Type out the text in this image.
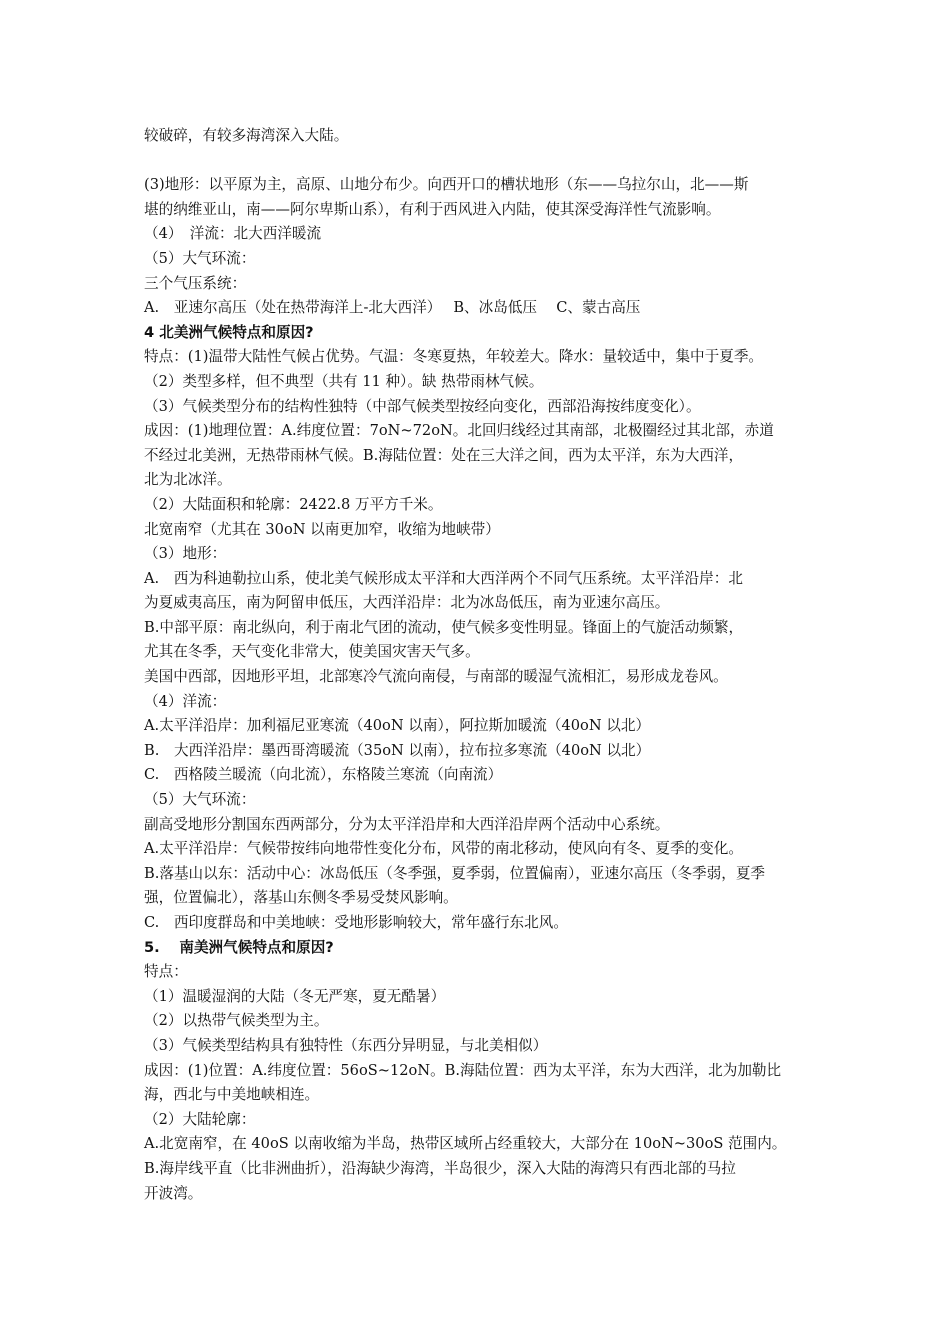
较破碎，有较多海湾深入大陆。
(3)地形：以平原为主，高原、山地分布少。向西开口的槽状地形（东——乌拉尔山，北——斯
堪的纳维亚山，南——阿尔卑斯山系），有利于西风进入内陆，使其深受海洋性气流影响。
（4）　洋流：北大西洋暖流
（5）大气环流：
三个气压系统：
A.　亚速尔高压（处在热带海洋上-北大西洋）　 B、冰岛低压　 C、蒙古高压
4 北美洲气候特点和原因?
特点：(1)温带大陆性气候占优势。气温：冬寒夏热，年较差大。降水：量较适中，集中于夏季。
（2）类型多样，但不典型（共有 11 种）。缺 热带雨林气候。
（3）气候类型分布的结构性独特（中部气候类型按经向变化，西部沿海按纬度变化）。
成因：(1)地理位置：A.纬度位置：7oN~72oN。北回归线经过其南部，北极圈经过其北部，赤道
不经过北美洲，无热带雨林气候。B.海陆位置：处在三大洋之间，西为太平洋，东为大西洋，
北为北冰洋。
（2）大陆面积和轮廓：2422.8 万平方千米。
北宽南窄（尤其在 30oN 以南更加窄，收缩为地峡带）
（3）地形：
A.　西为科迪勒拉山系，使北美气候形成太平洋和大西洋两个不同气压系统。太平洋沿岸：北
为夏威夷高压，南为阿留申低压，大西洋沿岸：北为冰岛低压，南为亚速尔高压。
B.中部平原：南北纵向，利于南北气团的流动，使气候多变性明显。锋面上的气旋活动频繁，
尤其在冬季，天气变化非常大，使美国灾害天气多。
美国中西部，因地形平坦，北部寒冷气流向南侵，与南部的暖湿气流相汇，易形成龙卷风。
（4）洋流：
A.太平洋沿岸：加利福尼亚寒流（40oN 以南），阿拉斯加暖流（40oN 以北）
B.　大西洋沿岸：墨西哥湾暖流（35oN 以南），拉布拉多寒流（40oN 以北）
C.　西格陵兰暖流（向北流），东格陵兰寒流（向南流）
（5）大气环流：
副高受地形分割国东西两部分，分为太平洋沿岸和大西洋沿岸两个活动中心系统。
A.太平洋沿岸：气候带按纬向地带性变化分布，风带的南北移动，使风向有冬、夏季的变化。
B.落基山以东：活动中心：冰岛低压（冬季强，夏季弱，位置偏南），亚速尔高压（冬季弱，夏季
强，位置偏北），落基山东侧冬季易受焚风影响。
C.　西印度群岛和中美地峡：受地形影响较大，常年盛行东北风。
5.　 南美洲气候特点和原因?
特点：
（1）温暖湿润的大陆（冬无严寒，夏无酷暑）
（2）以热带气候类型为主。
（3）气候类型结构具有独特性（东西分异明显，与北美相似）
成因：(1)位置：A.纬度位置：56oS~12oN。B.海陆位置：西为太平洋，东为大西洋，北为加勒比
海，西北与中美地峡相连。
（2）大陆轮廓：
A.北宽南窄，在 40oS 以南收缩为半岛，热带区域所占经重较大，大部分在 10oN~30oS 范围内。
B.海岸线平直（比非洲曲折），沿海缺少海湾，半岛很少，深入大陆的海湾只有西北部的马拉
开波湾。
